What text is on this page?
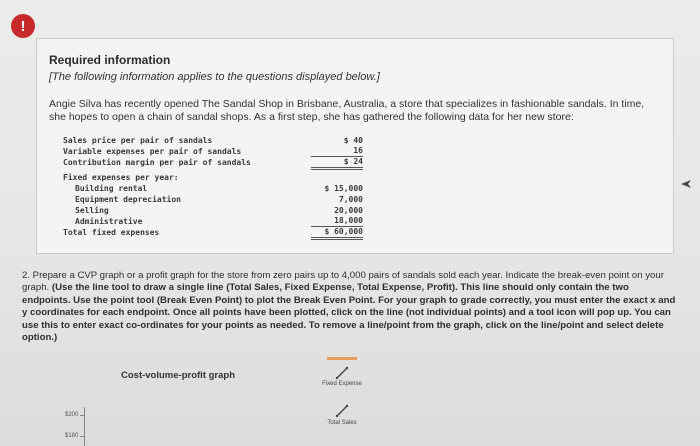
!
Required information
[The following information applies to the questions displayed below.]
Angie Silva has recently opened The Sandal Shop in Brisbane, Australia, a store that specializes in fashionable sandals. In time, she hopes to open a chain of sandal shops. As a first step, she has gathered the following data for her new store:
Sales price per pair of sandals	$ 40
Variable expenses per pair of sandals	16
Contribution margin per pair of sandals	$ 24
Fixed expenses per year:
Building rental	$ 15,000
Equipment depreciation	7,000
Selling	20,000
Administrative	18,000
Total fixed expenses	$ 60,000
2. Prepare a CVP graph or a profit graph for the store from zero pairs up to 4,000 pairs of sandals sold each year. Indicate the break-even point on your graph. (Use the line tool to draw a single line (Total Sales, Fixed Expense, Total Expense, Profit). This line should only contain the two endpoints. Use the point tool (Break Even Point) to plot the Break Even Point. For your graph to grade correctly, you must enter the exact x and y coordinates for each endpoint. Once all points have been plotted, click on the line (not individual points) and a tool icon will pop up. You can use this to enter exact co-ordinates for your points as needed. To remove a line/point from the graph, click on the line/point and select delete option.)
Cost-volume-profit graph
Fixed Expense
Total Sales
$200
$180
